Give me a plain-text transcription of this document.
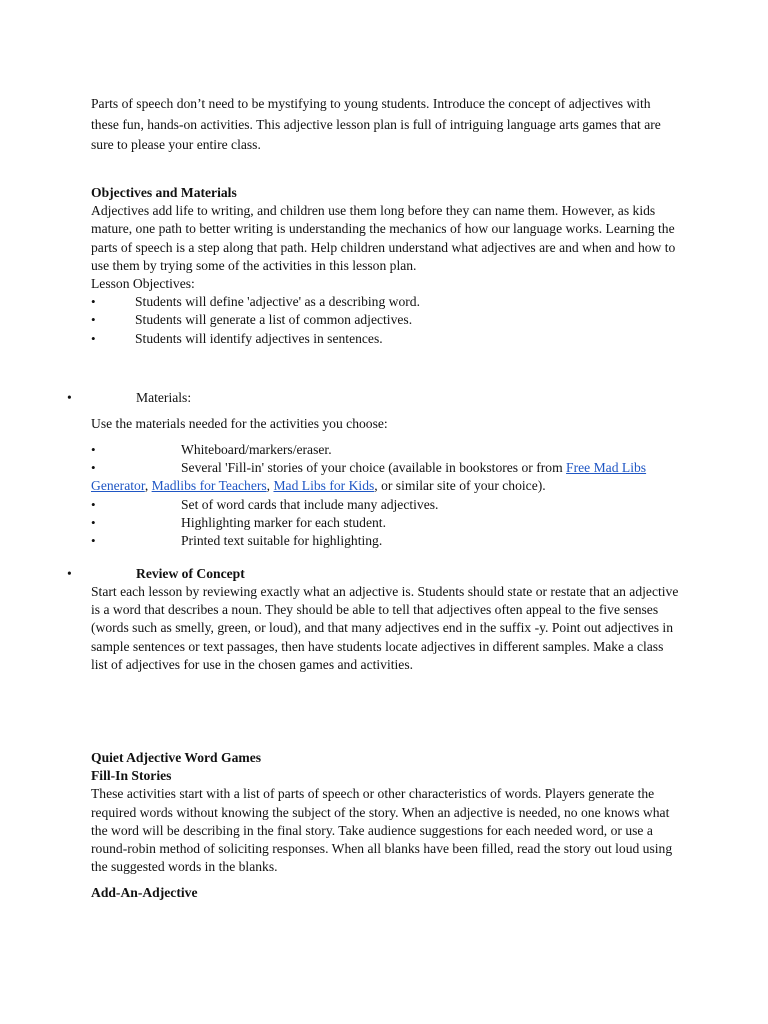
Parts of speech don’t need to be mystifying to young students. Introduce the concept of adjectives with these fun, hands-on activities. This adjective lesson plan is full of intriguing language arts games that are sure to please your entire class.

Objectives and Materials

Adjectives add life to writing, and children use them long before they can name them. However, as kids mature, one path to better writing is understanding the mechanics of how our language works. Learning the parts of speech is a step along that path. Help children understand what adjectives are and when and how to use them by trying some of the activities in this lesson plan.

Lesson Objectives:

• Students will define 'adjective' as a describing word.
• Students will generate a list of common adjectives.
• Students will identify adjectives in sentences.
•	Materials:

Use the materials needed for the activities you choose:

• Whiteboard/markers/eraser.
• Several 'Fill-in' stories of your choice (available in bookstores or from Free Mad Libs Generator, Madlibs for Teachers, Mad Libs for Kids, or similar site of your choice).
• Set of word cards that include many adjectives.
• Highlighting marker for each student.
• Printed text suitable for highlighting.
•	Review of Concept

Start each lesson by reviewing exactly what an adjective is. Students should state or restate that an adjective is a word that describes a noun. They should be able to tell that adjectives often appeal to the five senses (words such as smelly, green, or loud), and that many adjectives end in the suffix -y. Point out adjectives in sample sentences or text passages, then have students locate adjectives in different samples. Make a class list of adjectives for use in the chosen games and activities.

Quiet Adjective Word Games
Fill-In Stories

These activities start with a list of parts of speech or other characteristics of words. Players generate the required words without knowing the subject of the story. When an adjective is needed, no one knows what the word will be describing in the final story. Take audience suggestions for each needed word, or use a round-robin method of soliciting responses. When all blanks have been filled, read the story out loud using the suggested words in the blanks.

Add-An-Adjective
